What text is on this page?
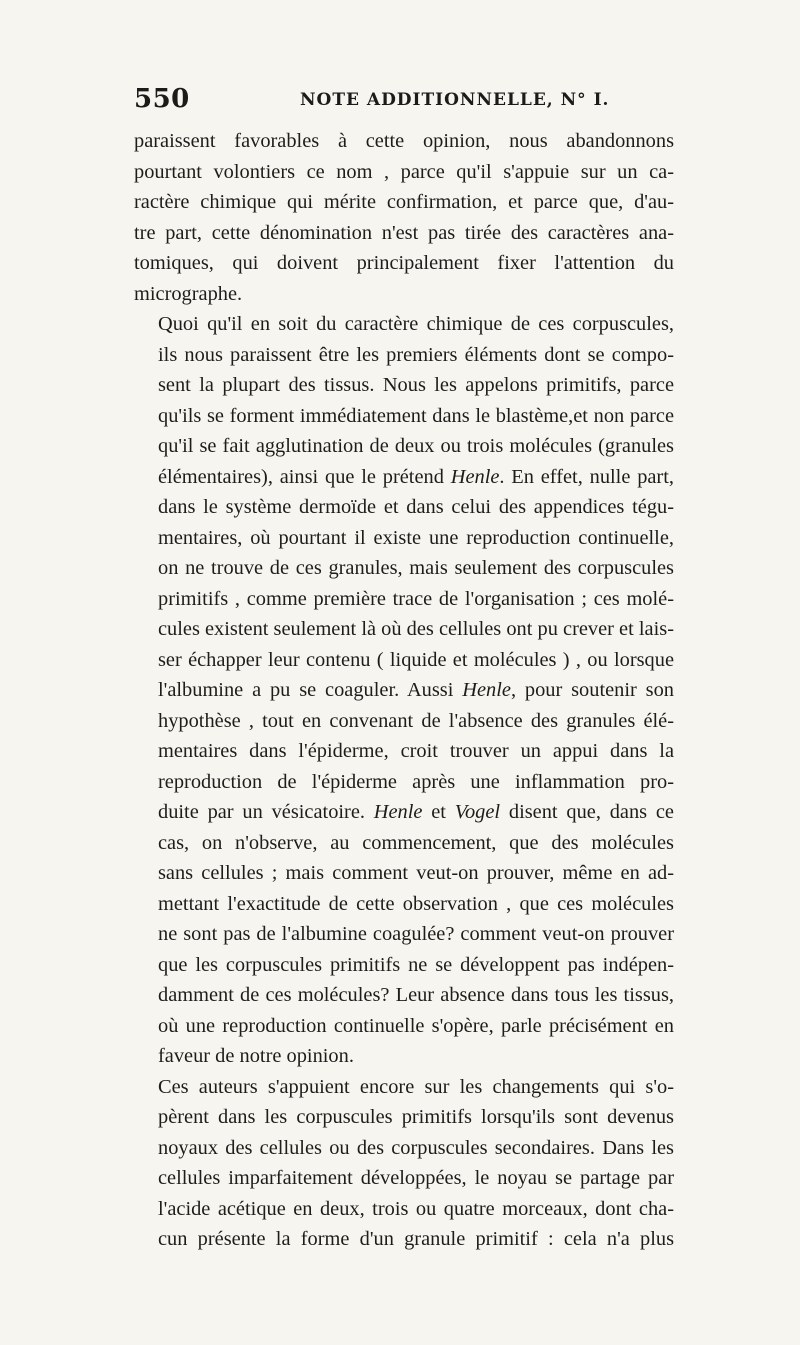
550	NOTE ADDITIONNELLE, N° I.

paraissent favorables à cette opinion, nous abandonnons
pourtant volontiers ce nom , parce qu'il s'appuie sur un ca-
ractère chimique qui mérite confirmation, et parce que, d'au-
tre part, cette dénomination n'est pas tirée des caractères ana-
tomiques, qui doivent principalement fixer l'attention du
micrographe.

Quoi qu'il en soit du caractère chimique de ces corpuscules,
ils nous paraissent être les premiers éléments dont se compo-
sent la plupart des tissus. Nous les appelons primitifs, parce
qu'ils se forment immédiatement dans le blastème,et non parce
qu'il se fait agglutination de deux ou trois molécules (granules
élémentaires), ainsi que le prétend Henle. En effet, nulle part,
dans le système dermoïde et dans celui des appendices tégu-
mentaires, où pourtant il existe une reproduction continuelle,
on ne trouve de ces granules, mais seulement des corpuscules
primitifs , comme première trace de l'organisation ; ces molé-
cules existent seulement là où des cellules ont pu crever et lais-
ser échapper leur contenu ( liquide et molécules ) , ou lorsque
l'albumine a pu se coaguler. Aussi Henle, pour soutenir son
hypothèse , tout en convenant de l'absence des granules élé-
mentaires dans l'épiderme, croit trouver un appui dans la
reproduction de l'épiderme après une inflammation pro-
duite par un vésicatoire. Henle et Vogel disent que, dans ce
cas, on n'observe, au commencement, que des molécules
sans cellules ; mais comment veut-on prouver, même en ad-
mettant l'exactitude de cette observation , que ces molécules
ne sont pas de l'albumine coagulée? comment veut-on prouver
que les corpuscules primitifs ne se développent pas indépen-
damment de ces molécules? Leur absence dans tous les tissus,
où une reproduction continuelle s'opère, parle précisément en
faveur de notre opinion.

Ces auteurs s'appuient encore sur les changements qui s'o-
pèrent dans les corpuscules primitifs lorsqu'ils sont devenus
noyaux des cellules ou des corpuscules secondaires. Dans les
cellules imparfaitement développées, le noyau se partage par
l'acide acétique en deux, trois ou quatre morceaux, dont cha-
cun présente la forme d'un granule primitif : cela n'a plus
